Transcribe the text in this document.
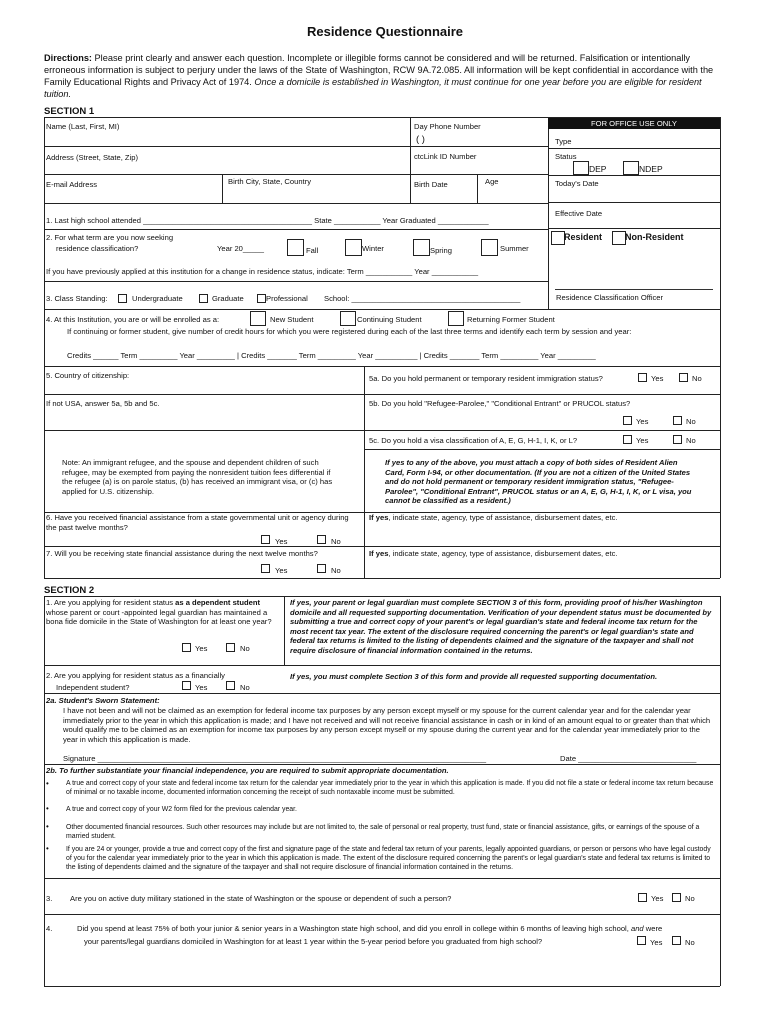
Residence Questionnaire
Directions: Please print clearly and answer each question. Incomplete or illegible forms cannot be considered and will be returned. Falsification or intentionally erroneous information is subject to perjury under the laws of the State of Washington, RCW 9A.72.085. All information will be kept confidential in accordance with the Family Educational Rights and Privacy Act of 1974. Once a domicile is established in Washington, it must continue for one year before you are eligible for resident tuition.
SECTION 1
FOR OFFICE USE ONLY
Type
Status
DEP	NDEP
Today's Date
Effective Date
Resident	Non-Resident
Residence Classification Officer
Name (Last, First, MI)	Day Phone Number
( )
Address (Street, State, Zip)	ctcLink ID Number
E-mail Address	Birth City, State, Country	Birth Date	Age
1. Last high school attended ________________________________________ State ___________ Year Graduated ____________
2. For what term are you now seeking
residence classification?	Year 20_____	Fall	Winter	Spring	Summer
If you have previously applied at this institution for a change in residence status, indicate: Term ___________ Year ___________
3. Class Standing:	Undergraduate	Graduate	Professional School: ________________________________________
4. At this Institution, you are or will be enrolled as a:	New Student	Continuing Student	Returning Former Student
If continuing or former student, give number of credit hours for which you were registered during each of the last three terms and identify each term by session and year:
Credits ______ Term _________ Year _________ | Credits _______ Term _________ Year __________ | Credits _______ Term _________ Year _________
5. Country of citizenship:	5a. Do you hold permanent or temporary resident immigration status?	Yes	No
If not USA, answer 5a, 5b and 5c.	5b. Do you hold "Refugee-Parolee," "Conditional Entrant" or PRUCOL status?
Yes	No
5c. Do you hold a visa classification of A, E, G, H-1, I, K, or L?	Yes	No
Note: An immigrant refugee, and the spouse and dependent children of such refugee, may be exempted from paying the nonresident tuition fees differential if the refugee (a) is on parole status, (b) has received an immigrant visa, or (c) has applied for U.S. citizenship.
If yes to any of the above, you must attach a copy of both sides of Resident Alien Card, Form I-94, or other documentation. (If you are not a citizen of the United States and do not hold permanent or temporary resident immigration status, "Refugee-Parolee", "Conditional Entrant", PRUCOL status or an A, E, G, H-1, I, K, or L visa, you cannot be classified as a resident.)
6. Have you received financial assistance from a state governmental unit or agency during the past twelve months?
If yes, indicate state, agency, type of assistance, disbursement dates, etc.
Yes	No
7. Will you be receiving state financial assistance during the next twelve months?	If yes, indicate state, agency, type of assistance, disbursement dates, etc.
Yes	No
SECTION 2
1. Are you applying for resident status as a dependent student whose parent or court -appointed legal guardian has maintained a bona fide domicile in the State of Washington for at least one year?
Yes	No
If yes, your parent or legal guardian must complete SECTION 3 of this form, providing proof of his/her Washington domicile and all requested supporting documentation. Verification of your dependent status must be documented by submitting a true and correct copy of your parent's or legal guardian's state and federal income tax return for the most recent tax year. The extent of the disclosure required concerning the parent's or legal guardian's state and federal tax returns is limited to the listing of dependents claimed and the signature of the taxpayer and shall not require disclosure of financial information contained in the returns.
2. Are you applying for resident status as a financially
Independent student?	Yes	No
If yes, you must complete Section 3 of this form and provide all requested supporting documentation.
2a. Student's Sworn Statement:
I have not been and will not be claimed as an exemption for federal income tax purposes by any person except myself or my spouse for the current calendar year and for the calendar year immediately prior to the year in which this application is made; and I have not received and will not receive financial assistance in cash or in kind of an amount equal to or greater than that which would qualify me to be claimed as an exemption for income tax purposes by any person except myself or my spouse during the current year and for the calendar year immediately prior to the year in which this application is made.
Signature ____________________________________________________________________________________________	Date ____________________________
2b. To further substantiate your financial independence, you are required to submit appropriate documentation.
• A true and correct copy of your state and federal income tax return for the calendar year immediately prior to the year in which this application is made. If you did not file a state or federal income tax return because of minimal or no taxable income, documented information concerning the receipt of such nontaxable income must be submitted.
• A true and correct copy of your W2 form filed for the previous calendar year.
• Other documented financial resources. Such other resources may include but are not limited to, the sale of personal or real property, trust fund, state or financial assistance, gifts, or earnings of the spouse of a married student.
• If you are 24 or younger, provide a true and correct copy of the first and signature page of the state and federal tax return of your parents, legally appointed guardians, or person or persons who have legal custody of you for the calendar year immediately prior to the year in which this application is made. The extent of the disclosure required concerning the parent's or legal guardian's state and federal tax returns is limited to the listing of dependents claimed and the signature of the taxpayer and shall not require disclosure of financial information contained in the returns.
3. Are you on active duty military stationed in the state of Washington or the spouse or dependent of such a person?	Yes	No
4.	Did you spend at least 75% of both your junior & senior years in a Washington state high school, and did you enroll in college within 6 months of leaving high school, and were
your parents/legal guardians domiciled in Washington for at least 1 year within the 5-year period before you graduated from high school?	Yes	No
